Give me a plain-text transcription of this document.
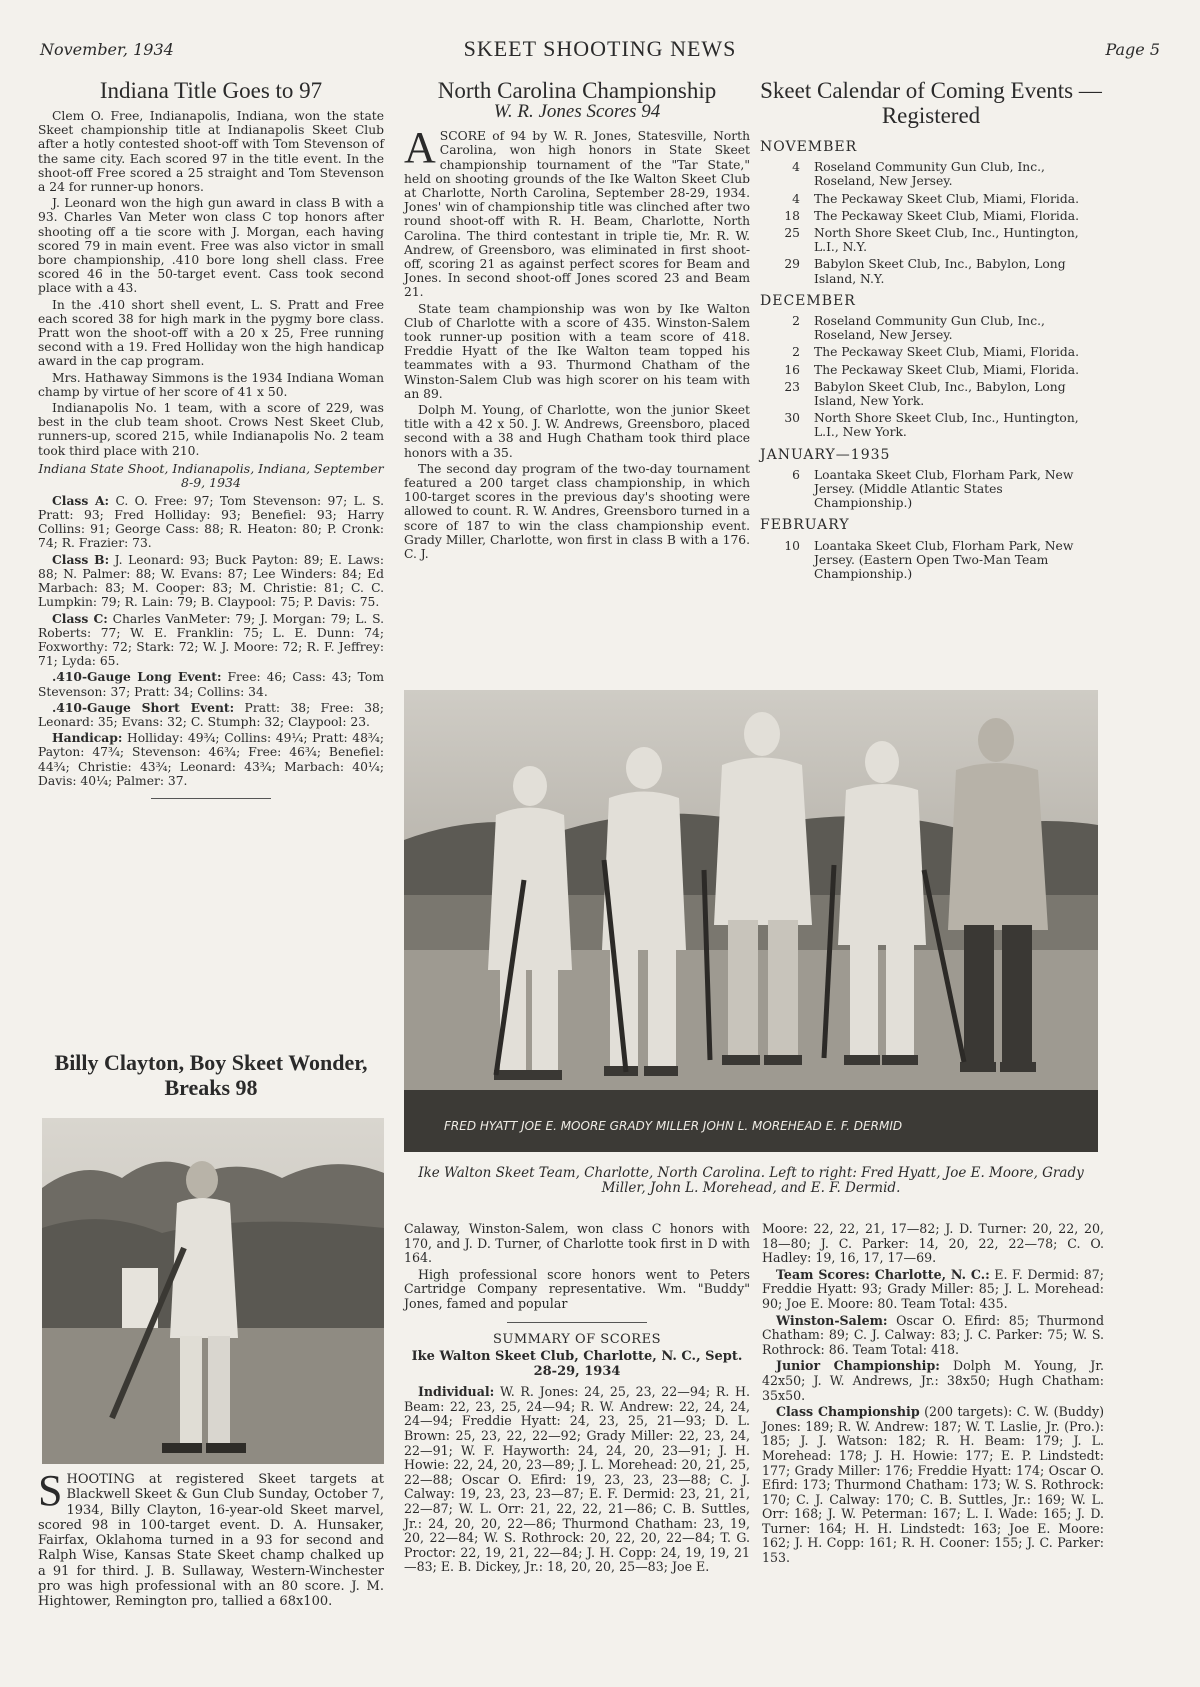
November, 1934	SKEET SHOOTING NEWS	Page 5
Indiana Title Goes to 97

Clem O. Free, Indianapolis, Indiana, won the state Skeet championship title at Indianapolis Skeet Club after a hotly contested shoot-off with Tom Stevenson of the same city. Each scored 97 in the title event. In the shoot-off Free scored a 25 straight and Tom Stevenson a 24 for runner-up honors.

J. Leonard won the high gun award in class B with a 93. Charles Van Meter won class C top honors after shooting off a tie score with J. Morgan, each having scored 79 in main event. Free was also victor in small bore championship, .410 bore long shell class. Free scored 46 in the 50-target event. Cass took second place with a 43.

In the .410 short shell event, L. S. Pratt and Free each scored 38 for high mark in the pygmy bore class. Pratt won the shoot-off with a 20 x 25, Free running second with a 19. Fred Holliday won the high handicap award in the cap program.

Mrs. Hathaway Simmons is the 1934 Indiana Woman champ by virtue of her score of 41 x 50.

Indianapolis No. 1 team, with a score of 229, was best in the club team shoot. Crows Nest Skeet Club, runners-up, scored 215, while Indianapolis No. 2 team took third place with 210.

Indiana State Shoot, Indianapolis, Indiana, September 8-9, 1934

Class A: C. O. Free: 97; Tom Stevenson: 97; L. S. Pratt: 93; Fred Holliday: 93; Benefiel: 93; Harry Collins: 91; George Cass: 88; R. Heaton: 80; P. Cronk: 74; R. Frazier: 73.

Class B: J. Leonard: 93; Buck Payton: 89; E. Laws: 88; N. Palmer: 88; W. Evans: 87; Lee Winders: 84; Ed Marbach: 83; M. Cooper: 83; M. Christie: 81; C. C. Lumpkin: 79; R. Lain: 79; B. Claypool: 75; P. Davis: 75.

Class C: Charles VanMeter: 79; J. Morgan: 79; L. S. Roberts: 77; W. E. Franklin: 75; L. E. Dunn: 74; Foxworthy: 72; Stark: 72; W. J. Moore: 72; R. F. Jeffrey: 71; Lyda: 65.

.410-Gauge Long Event: Free: 46; Cass: 43; Tom Stevenson: 37; Pratt: 34; Collins: 34.

.410-Gauge Short Event: Pratt: 38; Free: 38; Leonard: 35; Evans: 32; C. Stumph: 32; Claypool: 23.

Handicap: Holliday: 49¾; Collins: 49¼; Pratt: 48¾; Payton: 47¾; Stevenson: 46¾; Free: 46¾; Benefiel: 44¾; Christie: 43¾; Leonard: 43¾; Marbach: 40¼; Davis: 40¼; Palmer: 37.

Billy Clayton, Boy Skeet Wonder, Breaks 98

SHOOTING at registered Skeet targets at Blackwell Skeet & Gun Club Sunday, October 7, 1934, Billy Clayton, 16-year-old Skeet marvel, scored 98 in 100-target event. D. A. Hunsaker, Fairfax, Oklahoma turned in a 93 for second and Ralph Wise, Kansas State Skeet champ chalked up a 91 for third. J. B. Sullaway, Western-Winchester pro was high professional with an 80 score. J. M. Hightower, Remington pro, tallied a 68x100.

North Carolina Championship
W. R. Jones Scores 94

ASCORE of 94 by W. R. Jones, Statesville, North Carolina, won high honors in State Skeet championship tournament of the "Tar State," held on shooting grounds of the Ike Walton Skeet Club at Charlotte, North Carolina, September 28-29, 1934. Jones' win of championship title was clinched after two round shoot-off with R. H. Beam, Charlotte, North Carolina. The third contestant in triple tie, Mr. R. W. Andrew, of Greensboro, was eliminated in first shoot-off, scoring 21 as against perfect scores for Beam and Jones. In second shoot-off Jones scored 23 and Beam 21.

State team championship was won by Ike Walton Club of Charlotte with a score of 435. Winston-Salem took runner-up position with a team score of 418. Freddie Hyatt of the Ike Walton team topped his teammates with a 93. Thurmond Chatham of the Winston-Salem Club was high scorer on his team with an 89.

Dolph M. Young, of Charlotte, won the junior Skeet title with a 42 x 50. J. W. Andrews, Greensboro, placed second with a 38 and Hugh Chatham took third place honors with a 35.

The second day program of the two-day tournament featured a 200 target class championship, in which 100-target scores in the previous day's shooting were allowed to count. R. W. Andres, Greensboro turned in a score of 187 to win the class championship event. Grady Miller, Charlotte, won first in class B with a 176. C. J.

Skeet Calendar of Coming Events —Registered
NOVEMBER
4	Roseland Community Gun Club, Inc., Roseland, New Jersey.
4	The Peckaway Skeet Club, Miami, Florida.
18	The Peckaway Skeet Club, Miami, Florida.
25	North Shore Skeet Club, Inc., Huntington, L.I., N.Y.
29	Babylon Skeet Club, Inc., Babylon, Long Island, N.Y.
DECEMBER
2	Roseland Community Gun Club, Inc., Roseland, New Jersey.
2	The Peckaway Skeet Club, Miami, Florida.
16	The Peckaway Skeet Club, Miami, Florida.
23	Babylon Skeet Club, Inc., Babylon, Long Island, New York.
30	North Shore Skeet Club, Inc., Huntington, L.I., New York.
JANUARY—1935
6	Loantaka Skeet Club, Florham Park, New Jersey. (Middle Atlantic States Championship.)
FEBRUARY
10	Loantaka Skeet Club, Florham Park, New Jersey. (Eastern Open Two-Man Team Championship.)
FRED HYATT JOE E. MOORE GRADY MILLER JOHN L. MOREHEAD E. F. DERMID
Ike Walton Skeet Team, Charlotte, North Carolina. Left to right: Fred Hyatt, Joe E. Moore, Grady Miller, John L. Morehead, and E. F. Dermid.

Calaway, Winston-Salem, won class C honors with 170, and J. D. Turner, of Charlotte took first in D with 164.

High professional score honors went to Peters Cartridge Company representative. Wm. "Buddy" Jones, famed and popular

SUMMARY OF SCORES
Ike Walton Skeet Club, Charlotte, N. C., Sept. 28-29, 1934

Individual: W. R. Jones: 24, 25, 23, 22—94; R. H. Beam: 22, 23, 25, 24—94; R. W. Andrew: 22, 24, 24, 24—94; Freddie Hyatt: 24, 23, 25, 21—93; D. L. Brown: 25, 23, 22, 22—92; Grady Miller: 22, 23, 24, 22—91; W. F. Hayworth: 24, 24, 20, 23—91; J. H. Howie: 22, 24, 20, 23—89; J. L. Morehead: 20, 21, 25, 22—88; Oscar O. Efird: 19, 23, 23, 23—88; C. J. Calway: 19, 23, 23, 23—87; E. F. Dermid: 23, 21, 21, 22—87; W. L. Orr: 21, 22, 22, 21—86; C. B. Suttles, Jr.: 24, 20, 20, 22—86; Thurmond Chatham: 23, 19, 20, 22—84; W. S. Rothrock: 20, 22, 20, 22—84; T. G. Proctor: 22, 19, 21, 22—84; J. H. Copp: 24, 19, 19, 21—83; E. B. Dickey, Jr.: 18, 20, 20, 25—83; Joe E.

Moore: 22, 22, 21, 17—82; J. D. Turner: 20, 22, 20, 18—80; J. C. Parker: 14, 20, 22, 22—78; C. O. Hadley: 19, 16, 17, 17—69.

Team Scores: Charlotte, N. C.: E. F. Dermid: 87; Freddie Hyatt: 93; Grady Miller: 85; J. L. Morehead: 90; Joe E. Moore: 80. Team Total: 435.

Winston-Salem: Oscar O. Efird: 85; Thurmond Chatham: 89; C. J. Calway: 83; J. C. Parker: 75; W. S. Rothrock: 86. Team Total: 418.

Junior Championship: Dolph M. Young, Jr. 42x50; J. W. Andrews, Jr.: 38x50; Hugh Chatham: 35x50.

Class Championship (200 targets): C. W. (Buddy) Jones: 189; R. W. Andrew: 187; W. T. Laslie, Jr. (Pro.): 185; J. J. Watson: 182; R. H. Beam: 179; J. L. Morehead: 178; J. H. Howie: 177; E. P. Lindstedt: 177; Grady Miller: 176; Freddie Hyatt: 174; Oscar O. Efird: 173; Thurmond Chatham: 173; W. S. Rothrock: 170; C. J. Calway: 170; C. B. Suttles, Jr.: 169; W. L. Orr: 168; J. W. Peterman: 167; L. I. Wade: 165; J. D. Turner: 164; H. H. Lindstedt: 163; Joe E. Moore: 162; J. H. Copp: 161; R. H. Cooner: 155; J. C. Parker: 153.
